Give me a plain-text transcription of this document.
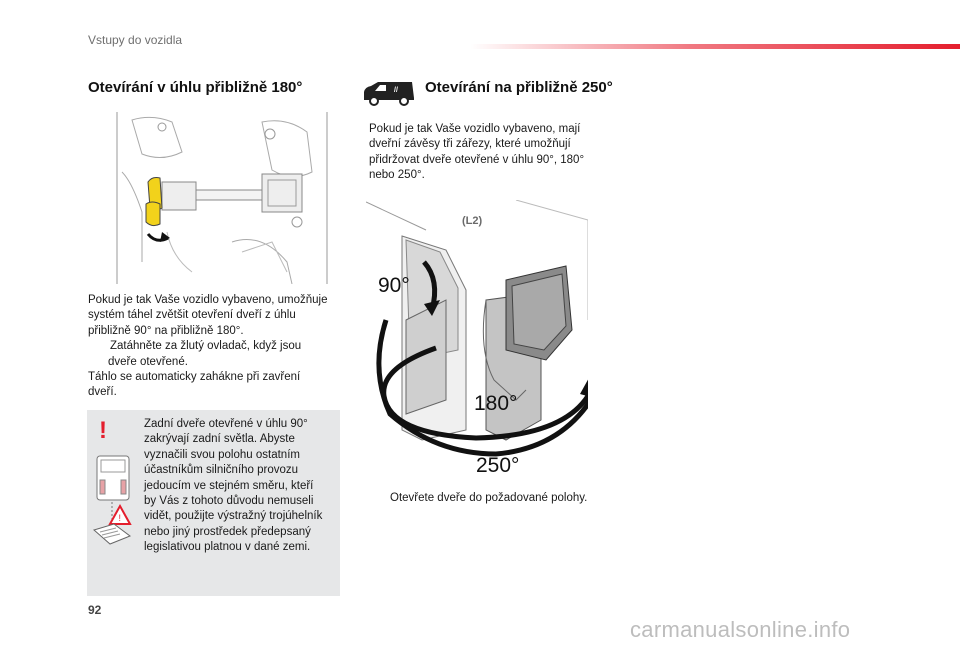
Vstupy do vozidla
Otevírání v úhlu přibližně 180°
Pokud je tak Vaše vozidlo vybaveno, umožňuje
systém táhel zvětšit otevření dveří z úhlu
přibližně 90° na přibližně 180°.
Zatáhněte za žlutý ovladač, když jsou
dveře otevřené.
Táhlo se automaticky zahákne při zavření
dveří.
!
!
Zadní dveře otevřené v úhlu 90°
zakrývají zadní světla. Abyste
vyznačili svou polohu ostatním
účastníkům silničního provozu
jedoucím ve stejném směru, kteří
by Vás z tohoto důvodu nemuseli
vidět, použijte výstražný trojúhelník
nebo jiný prostředek předepsaný
legislativou platnou v dané zemi.
// Otevírání na přibližně 250°
Pokud je tak Vaše vozidlo vybaveno, mají
dveřní závěsy tři zářezy, které umožňují
přidržovat dveře otevřené v úhlu 90°, 180°
nebo 250°.
(L2)
90°
180°
250°
Otevřete dveře do požadované polohy.
92
carmanualsonline.info
